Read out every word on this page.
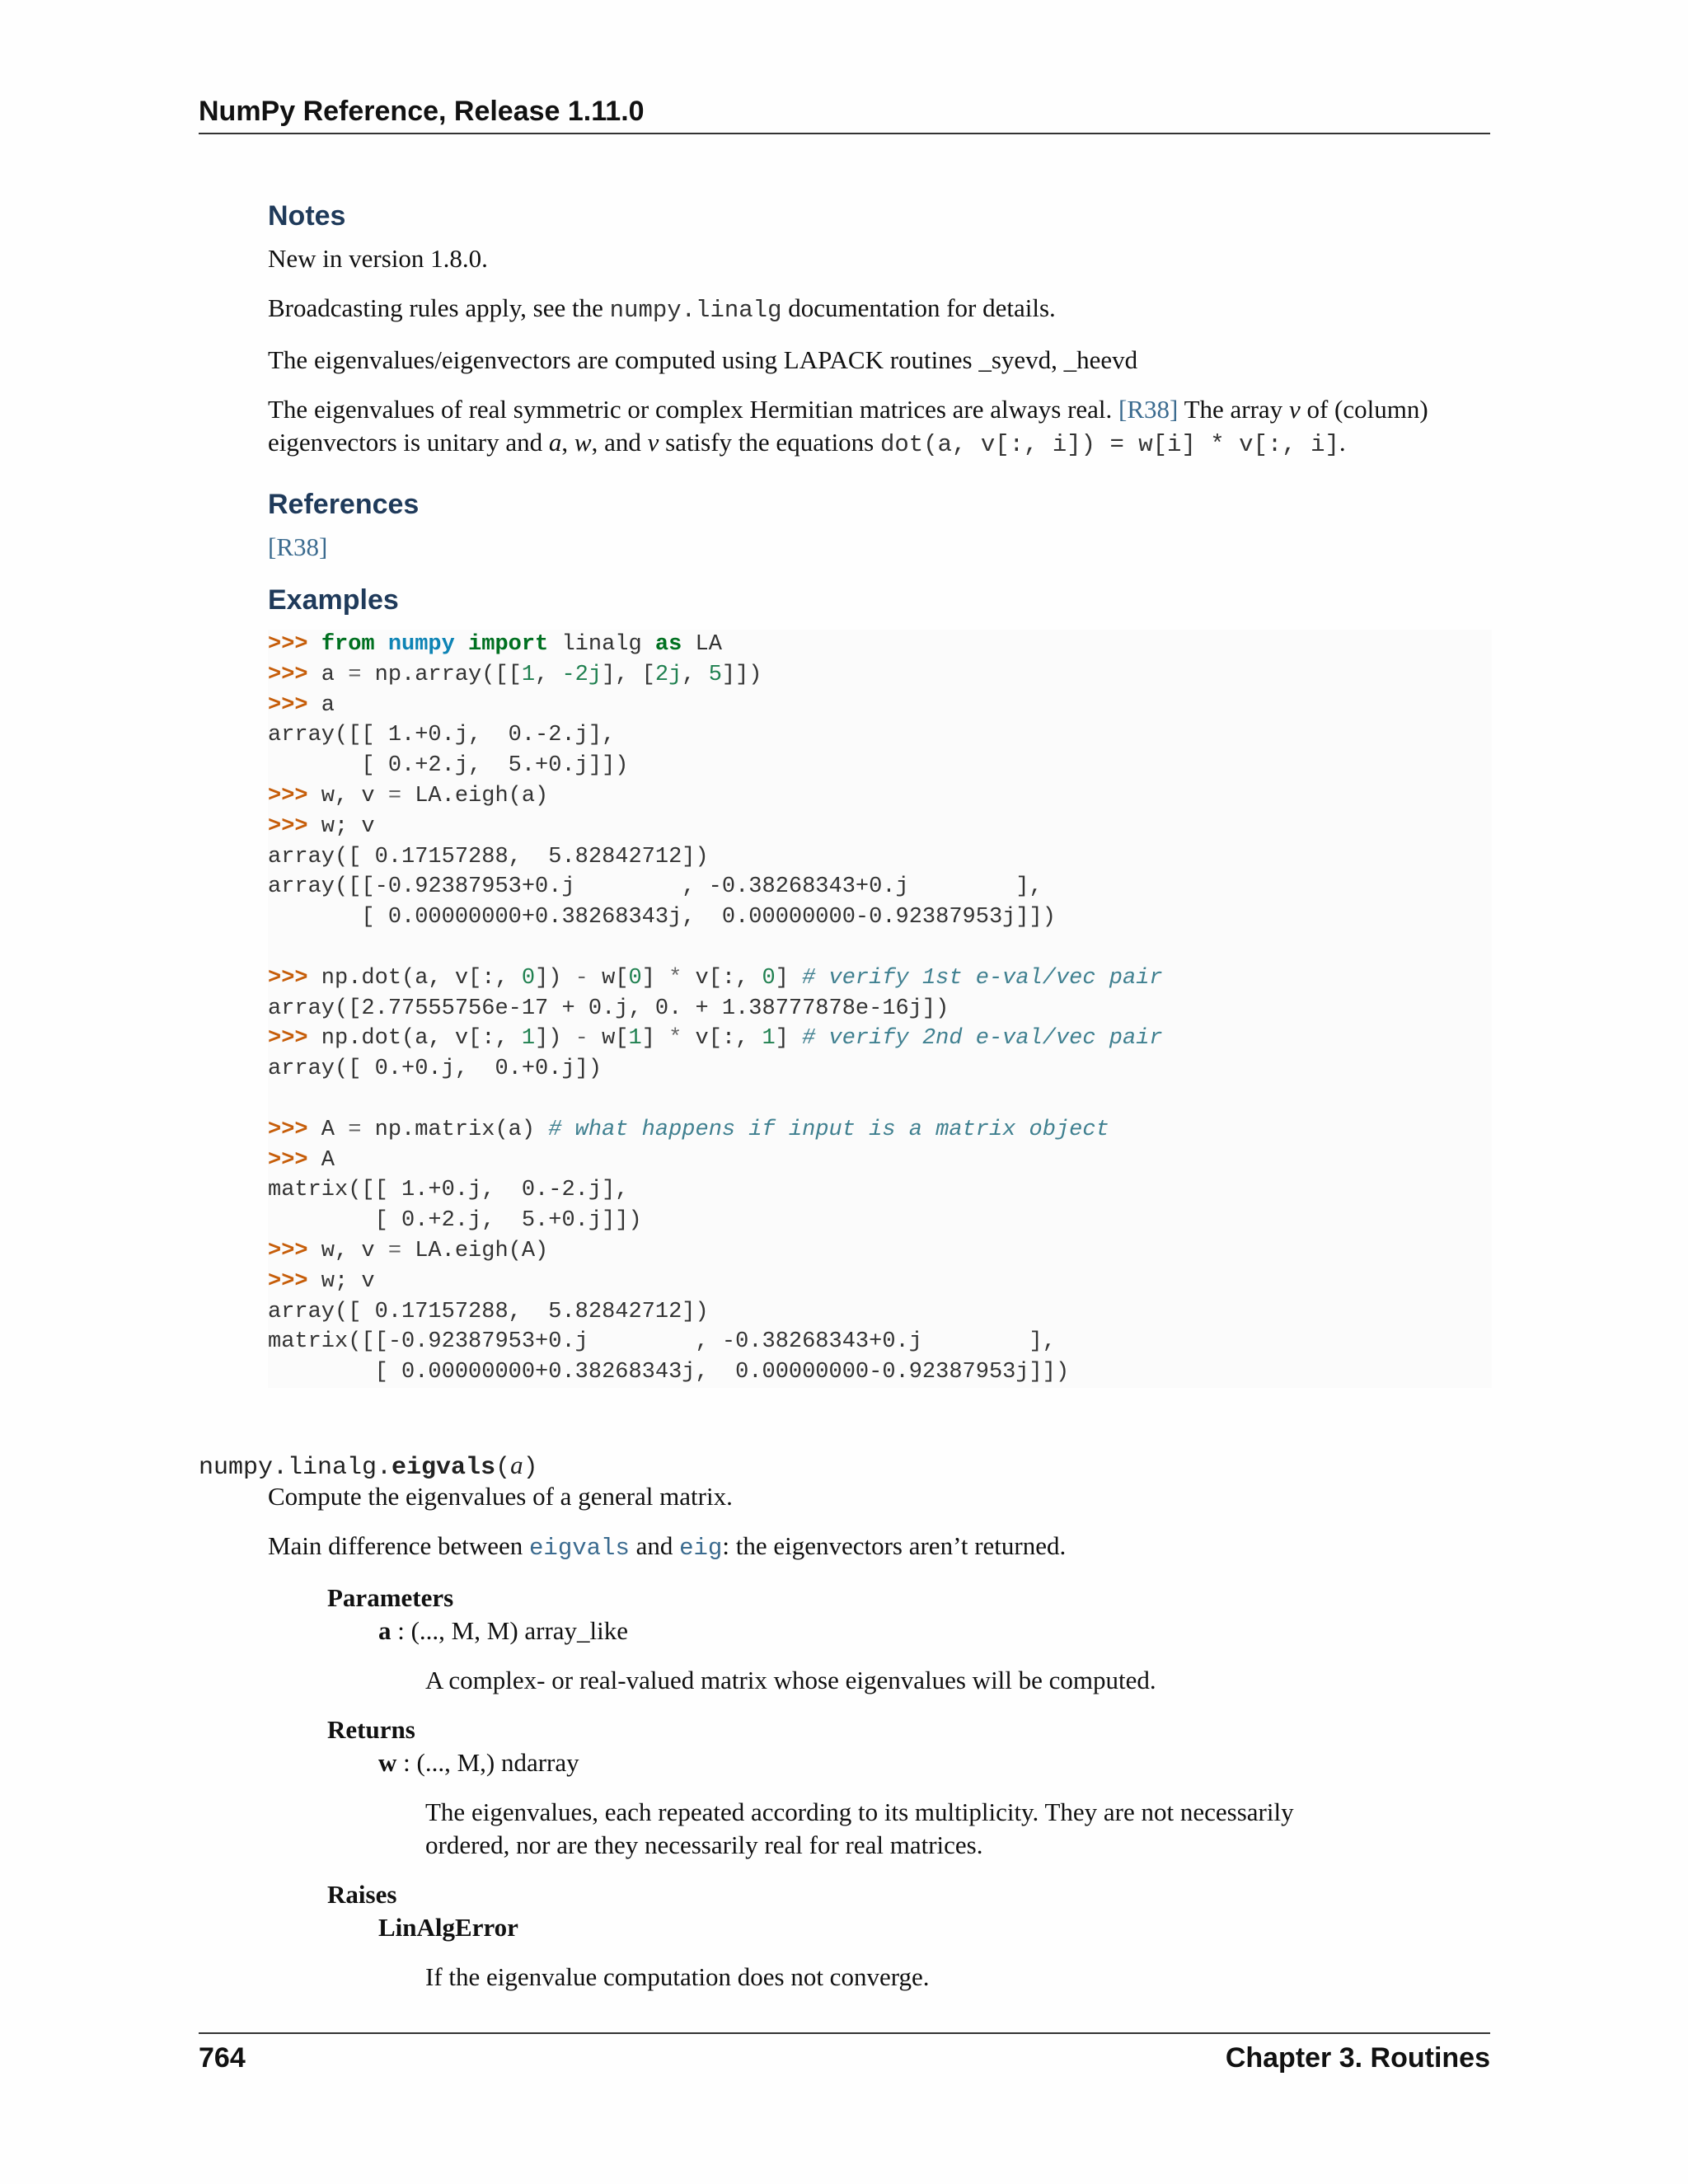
NumPy Reference, Release 1.11.0
Notes

New in version 1.8.0.

Broadcasting rules apply, see the numpy.linalg documentation for details.

The eigenvalues/eigenvectors are computed using LAPACK routines _syevd, _heevd

The eigenvalues of real symmetric or complex Hermitian matrices are always real. [R38] The array v of (column)
eigenvectors is unitary and a, w, and v satisfy the equations dot(a, v[:, i]) = w[i] * v[:, i].

References

[R38]

Examples
>>> from numpy import linalg as LA
>>> a = np.array([[1, -2j], [2j, 5]])
>>> a
array([[ 1.+0.j,  0.-2.j],
[ 0.+2.j,  5.+0.j]])
>>> w, v = LA.eigh(a)
>>> w; v
array([ 0.17157288,  5.82842712])
array([[-0.92387953+0.j        , -0.38268343+0.j        ],
[ 0.00000000+0.38268343j,  0.00000000-0.92387953j]])

>>> np.dot(a, v[:, 0]) - w[0] * v[:, 0] # verify 1st e-val/vec pair
array([2.77555756e-17 + 0.j, 0. + 1.38777878e-16j])
>>> np.dot(a, v[:, 1]) - w[1] * v[:, 1] # verify 2nd e-val/vec pair
array([ 0.+0.j,  0.+0.j])

>>> A = np.matrix(a) # what happens if input is a matrix object
>>> A
matrix([[ 1.+0.j,  0.-2.j],
[ 0.+2.j,  5.+0.j]])
>>> w, v = LA.eigh(A)
>>> w; v
array([ 0.17157288,  5.82842712])
matrix([[-0.92387953+0.j        , -0.38268343+0.j        ],
[ 0.00000000+0.38268343j,  0.00000000-0.92387953j]])
numpy.linalg.eigvals(a)

Compute the eigenvalues of a general matrix.

Main difference between eigvals and eig: the eigenvectors aren’t returned.

Parameters

a : (..., M, M) array_like

A complex- or real-valued matrix whose eigenvalues will be computed.

Returns

w : (..., M,) ndarray

The eigenvalues, each repeated according to its multiplicity. They are not necessarily
ordered, nor are they necessarily real for real matrices.

Raises

LinAlgError

If the eigenvalue computation does not converge.

764	Chapter 3. Routines
